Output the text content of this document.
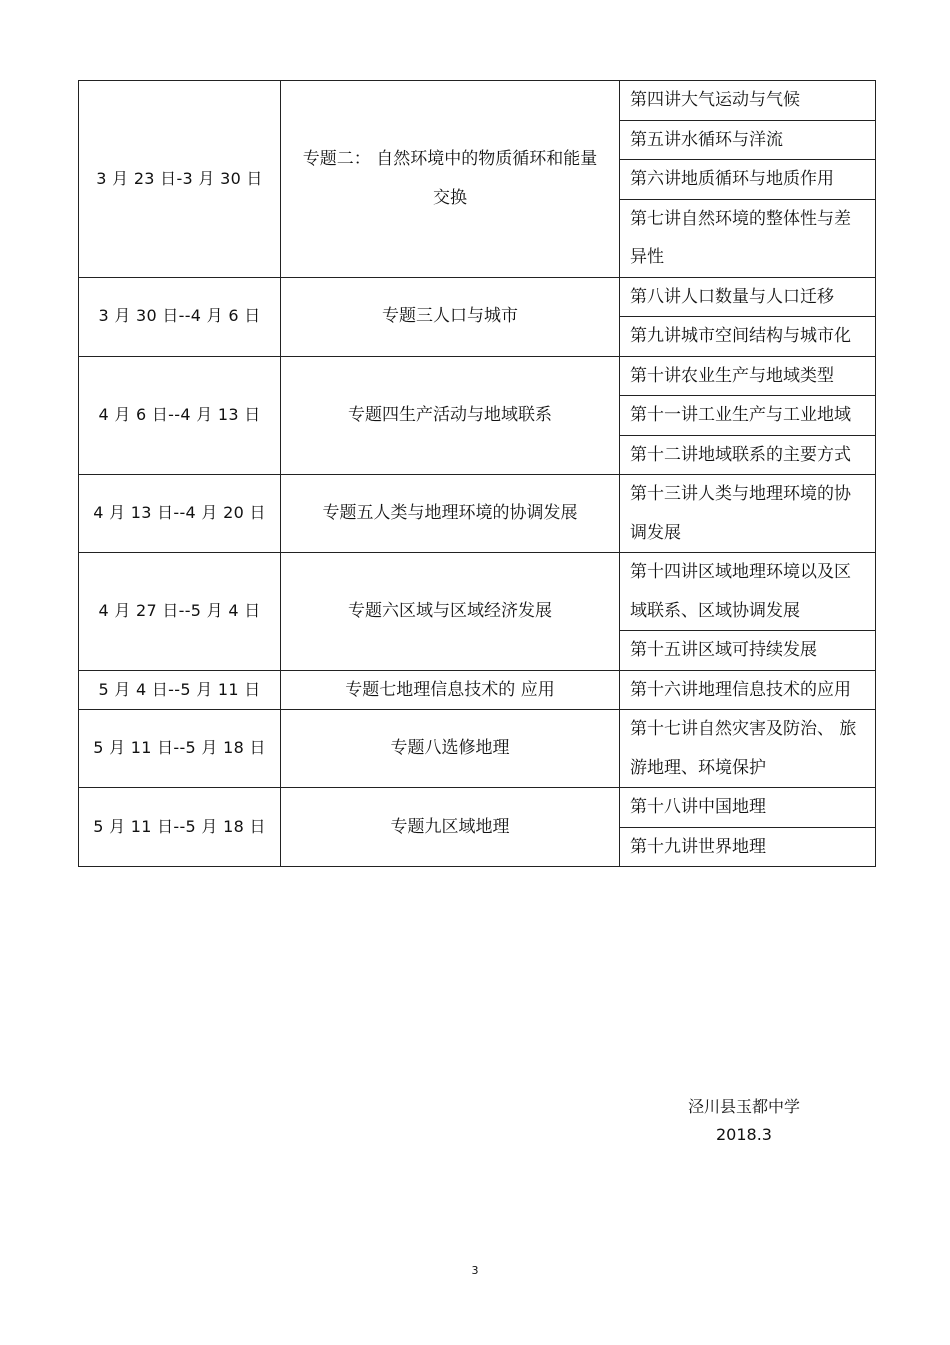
3 月 23 日-3 月 30 日	专题二： 自然环境中的物质循环和能量交换	第四讲大气运动与气候
		第五讲水循环与洋流
		第六讲地质循环与地质作用
		第七讲自然环境的整体性与差异性
3 月 30 日--4 月 6 日	专题三人口与城市	第八讲人口数量与人口迁移
		第九讲城市空间结构与城市化
4 月 6 日--4 月 13 日	专题四生产活动与地域联系	第十讲农业生产与地域类型
		第十一讲工业生产与工业地域
		第十二讲地域联系的主要方式
4 月 13 日--4 月 20 日	专题五人类与地理环境的协调发展	第十三讲人类与地理环境的协调发展
4 月 27 日--5 月 4 日	专题六区域与区域经济发展	第十四讲区域地理环境以及区域联系、区域协调发展
		第十五讲区域可持续发展
5 月 4 日--5 月 11 日	专题七地理信息技术的 应用	第十六讲地理信息技术的应用
5 月 11 日--5 月 18 日	专题八选修地理	第十七讲自然灾害及防治、 旅游地理、环境保护
5 月 11 日--5 月 18 日	专题九区域地理	第十八讲中国地理
		第十九讲世界地理
泾川县玉都中学
2018.3
3
